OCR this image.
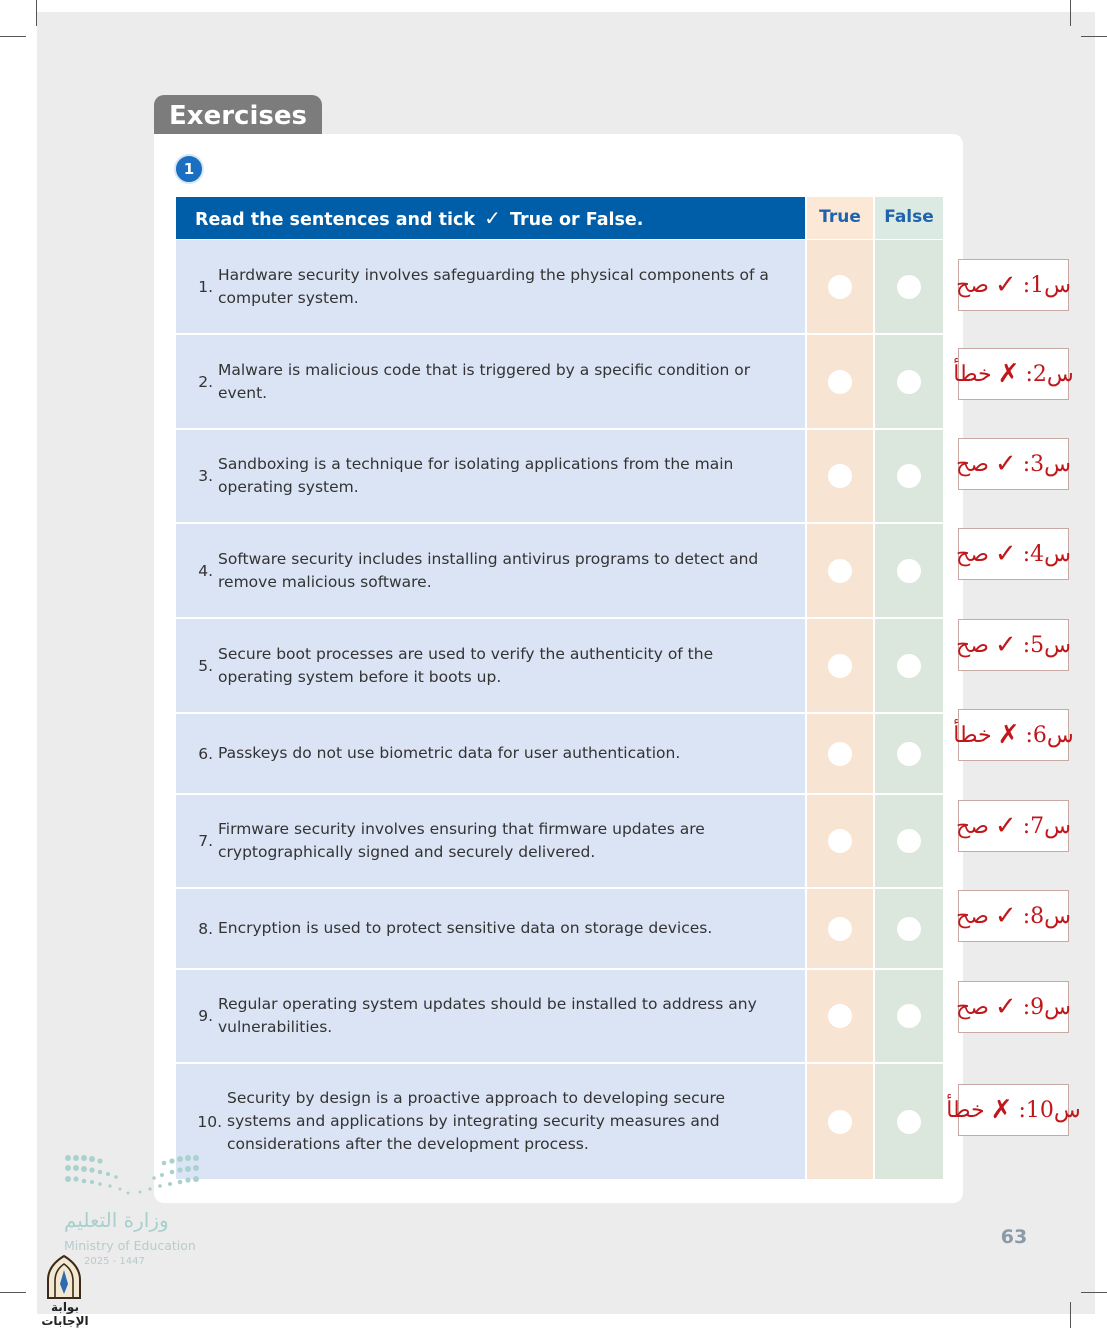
Exercises
1
Read the sentences and tick ✓ True or False.	True	False
1.
Hardware security involves safeguarding the physical components of a computer system.
2.
Malware is malicious code that is triggered by a specific condition or event.
3.
Sandboxing is a technique for isolating applications from the main operating system.
4.
Software security includes installing antivirus programs to detect and remove malicious software.
5.
Secure boot processes are used to verify the authenticity of the operating system before it boots up.
6. Passkeys do not use biometric data for user authentication.
7.
Firmware security involves ensuring that firmware updates are cryptographically signed and securely delivered.
8. Encryption is used to protect sensitive data on storage devices.
9.
Regular operating system updates should be installed to address any vulnerabilities.
10.
Security by design is a proactive approach to developing secure systems and applications by integrating security measures and considerations after the development process.
63
وزارة التعليم
Ministry of Education
2025 - 1447
بوابة الإجابات
س1:
✓
صح
س2:
✗
خطأ
س3:
✓
صح
س4:
✓
صح
س5:
✓
صح
س6:
✗
خطأ
س7:
✓
صح
س8:
✓
صح
س9:
✓
صح
س10:
✗
خطأ
